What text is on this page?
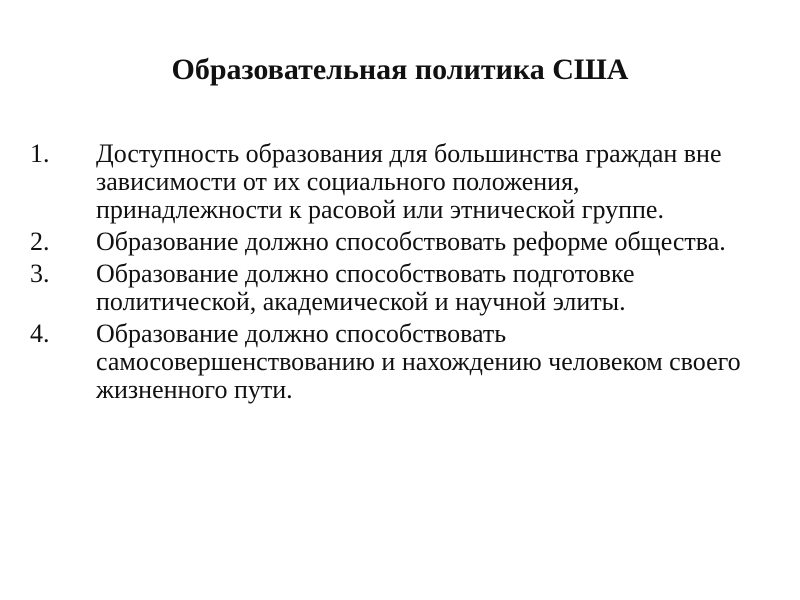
Образовательная политика США
1.	Доступность образования для большинства граждан вне зависимости от их социального положения, принадлежности к расовой или этнической группе.
2.	Образование должно способствовать реформе общества.
3.	Образование должно способствовать подготовке политической, академической и научной элиты.
4.	Образование должно способствовать самосовершенствованию и нахождению человеком своего жизненного пути.
